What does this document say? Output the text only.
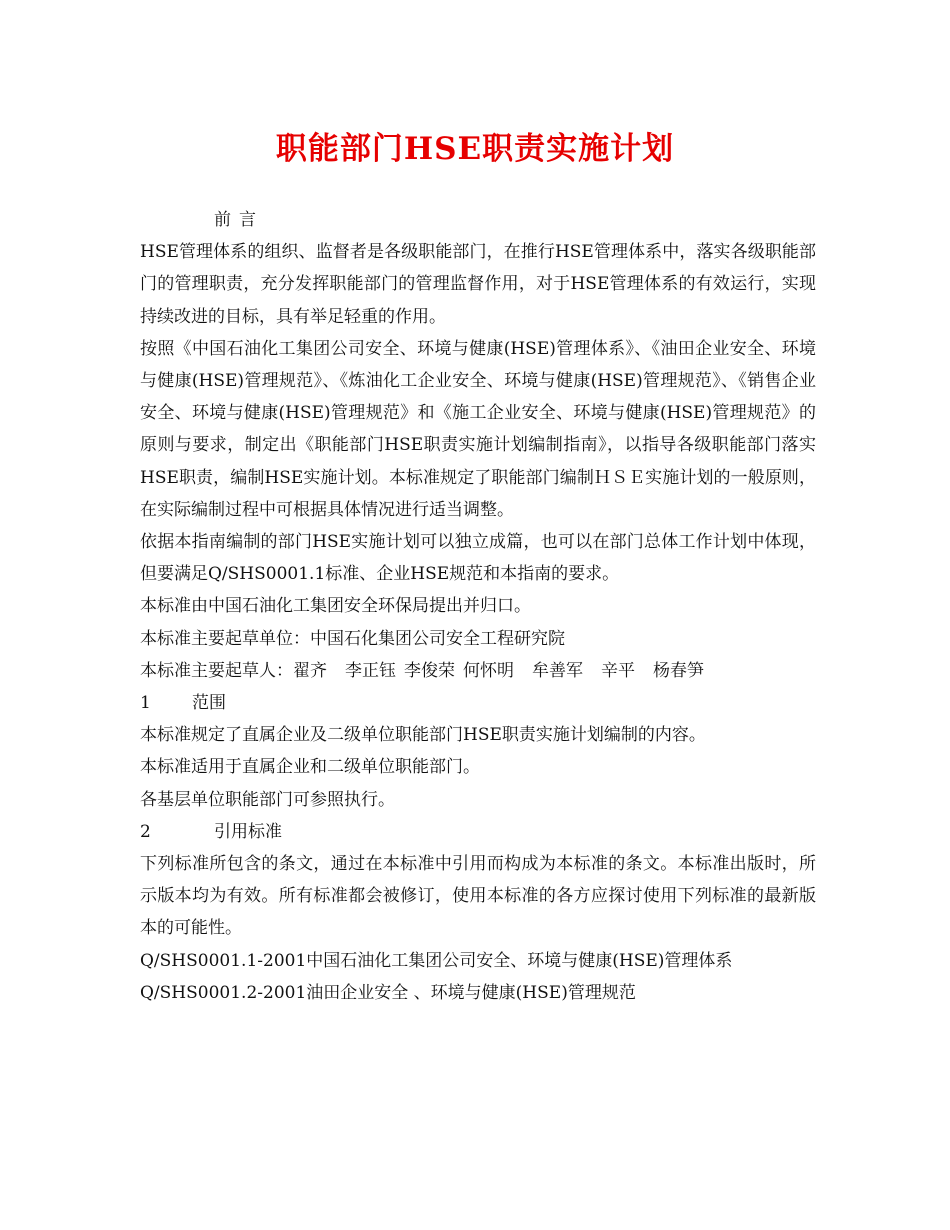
职能部门HSE职责实施计划

前言

HSE管理体系的组织、监督者是各级职能部门，在推行HSE管理体系中，落实各级职能部门的管理职责，充分发挥职能部门的管理监督作用，对于HSE管理体系的有效运行，实现持续改进的目标，具有举足轻重的作用。

按照《中国石油化工集团公司安全、环境与健康(HSE)管理体系》、《油田企业安全、环境与健康(HSE)管理规范》、《炼油化工企业安全、环境与健康(HSE)管理规范》、《销售企业安全、环境与健康(HSE)管理规范》和《施工企业安全、环境与健康(HSE)管理规范》的原则与要求，制定出《职能部门HSE职责实施计划编制指南》，以指导各级职能部门落实HSE职责，编制HSE实施计划。本标准规定了职能部门编制ＨＳＥ实施计划的一般原则，在实际编制过程中可根据具体情况进行适当调整。

依据本指南编制的部门HSE实施计划可以独立成篇，也可以在部门总体工作计划中体现，但要满足Q/SHS0001.1标准、企业HSE规范和本指南的要求。

本标准由中国石油化工集团安全环保局提出并归口。

本标准主要起草单位：中国石化集团公司安全工程研究院

本标准主要起草人：翟齐 李正钰 李俊荣 何怀明 牟善军 辛平 杨春笋

1 范围

本标准规定了直属企业及二级单位职能部门HSE职责实施计划编制的内容。

本标准适用于直属企业和二级单位职能部门。

各基层单位职能部门可参照执行。

2	引用标准

下列标准所包含的条文，通过在本标准中引用而构成为本标准的条文。本标准出版时，所示版本均为有效。所有标准都会被修订，使用本标准的各方应探讨使用下列标准的最新版本的可能性。

Q/SHS0001.1-2001中国石油化工集团公司安全、环境与健康(HSE)管理体系

Q/SHS0001.2-2001油田企业安全 、环境与健康(HSE)管理规范
